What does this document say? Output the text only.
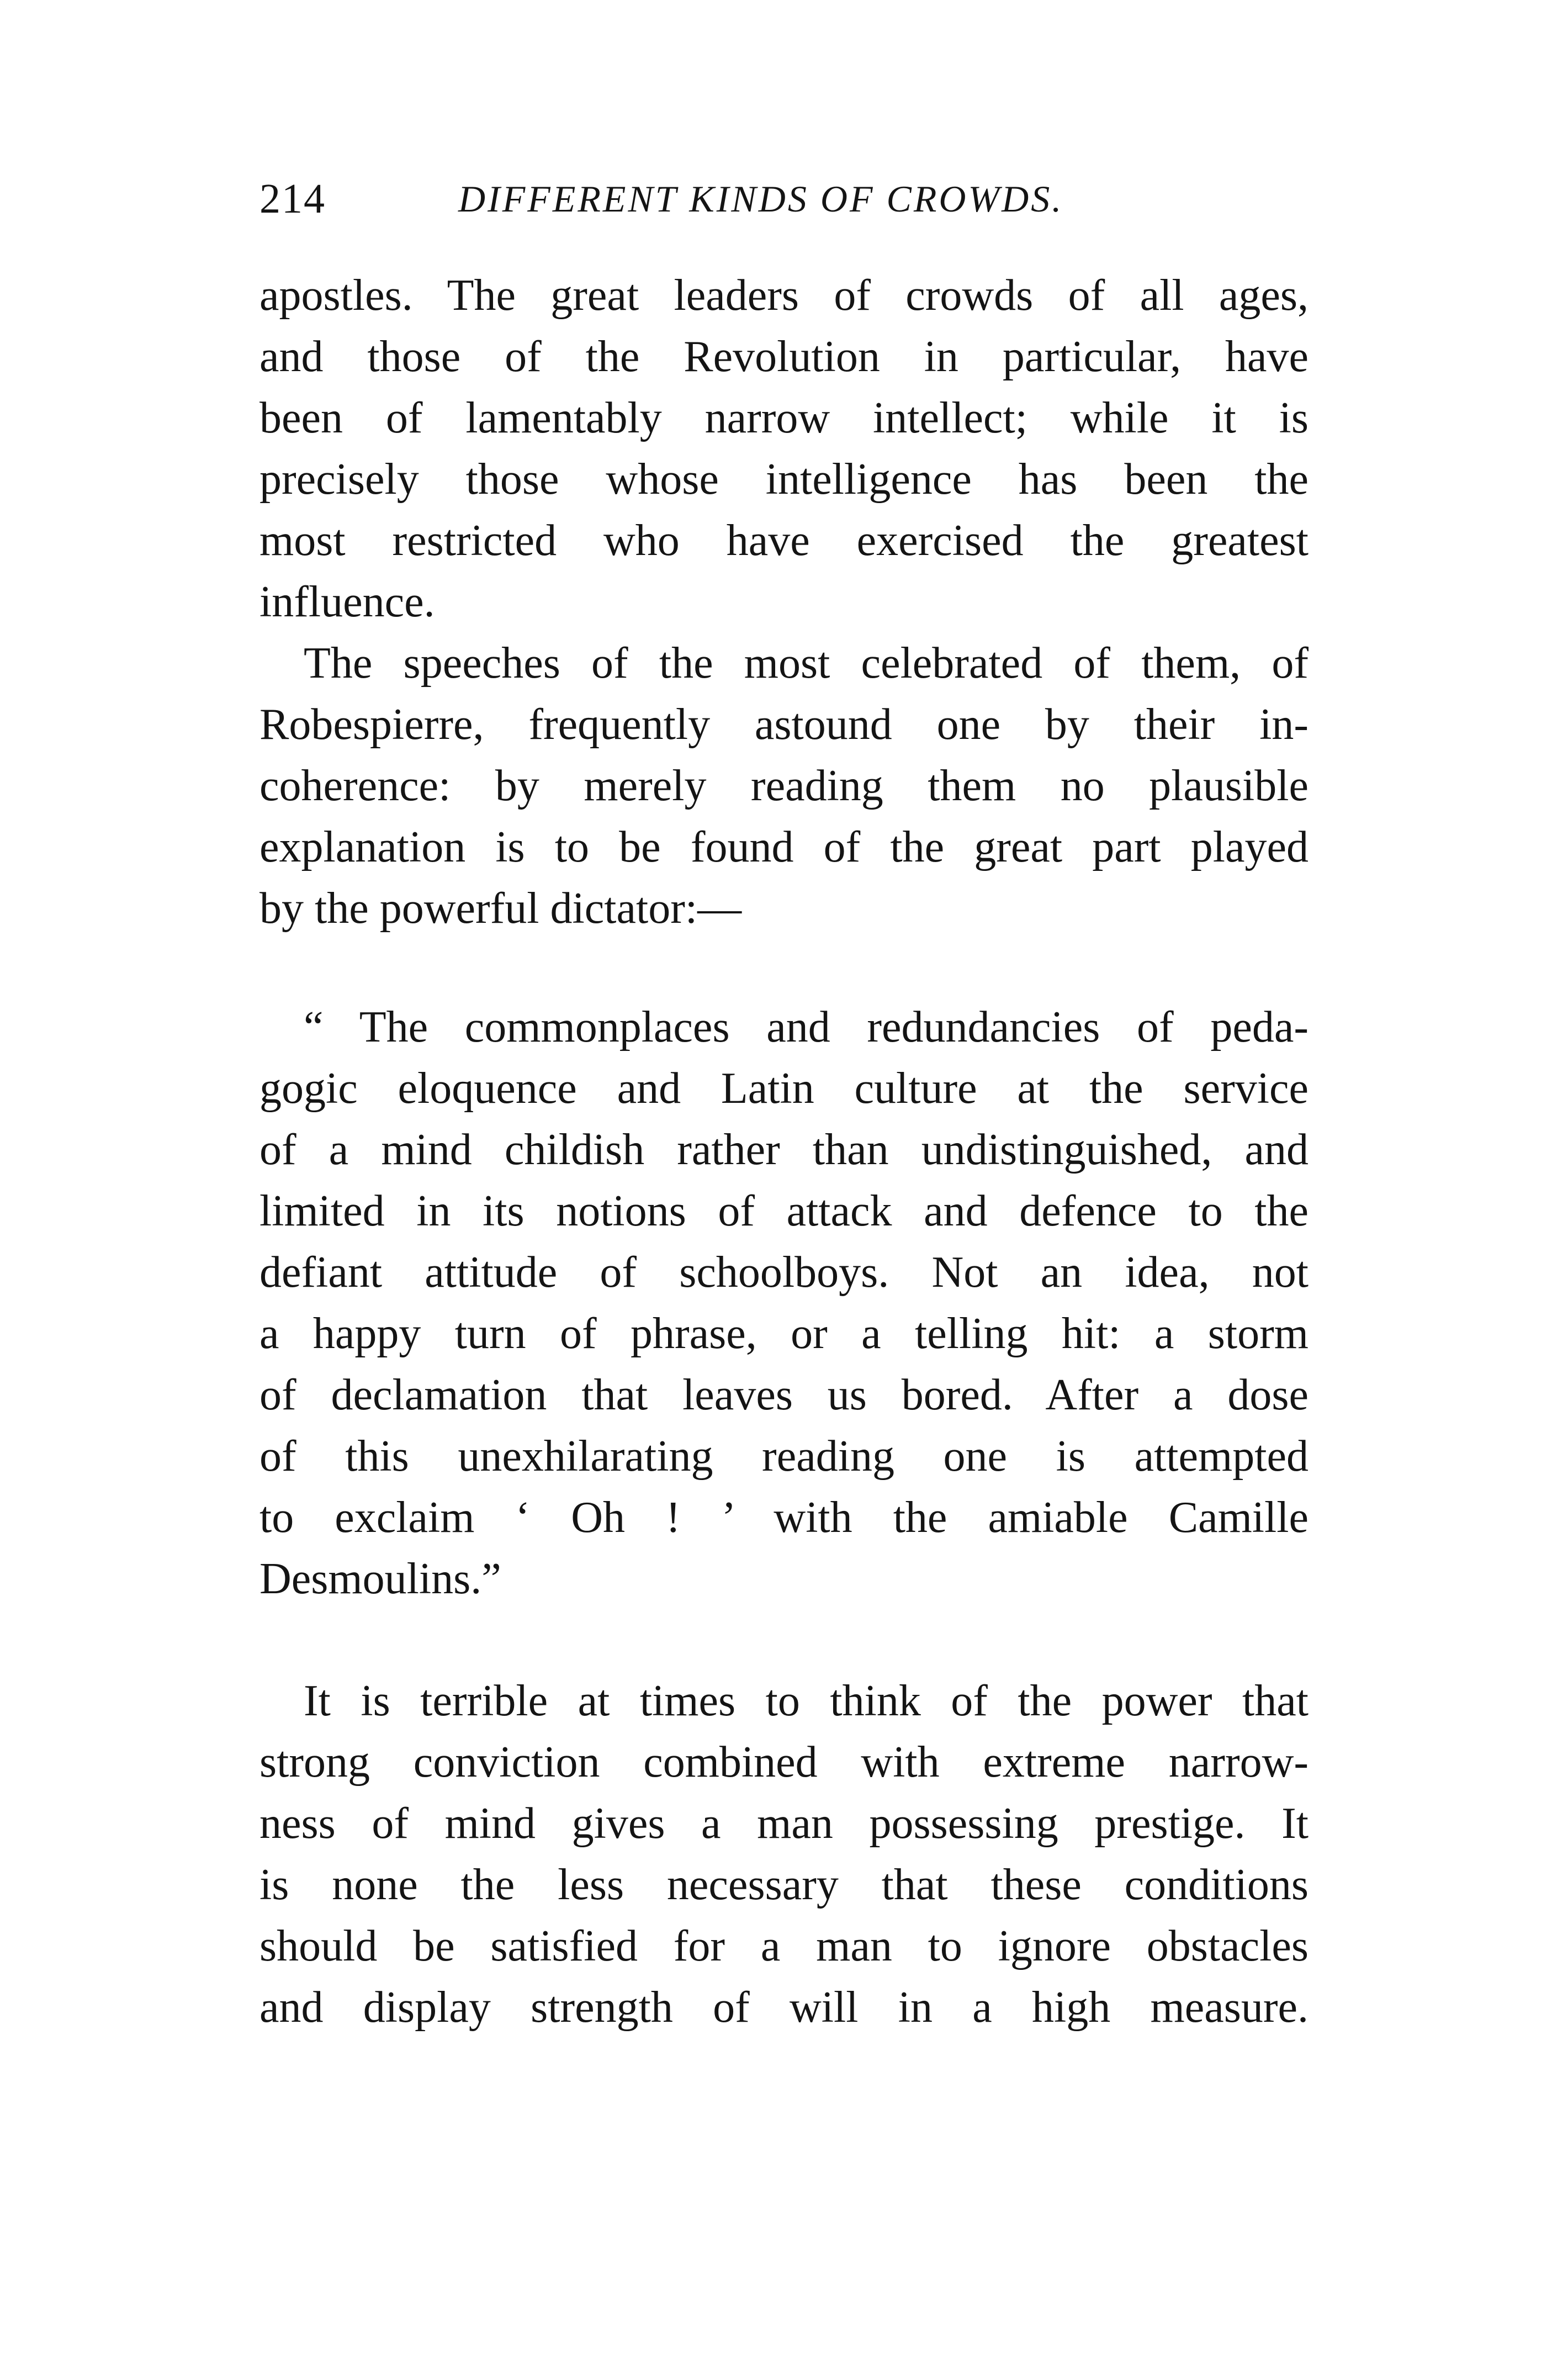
214	DIFFERENT KINDS OF CROWDS.
apostles. The great leaders of crowds of all ages,
and those of the Revolution in particular, have
been of lamentably narrow intellect; while it is
precisely those whose intelligence has been the
most restricted who have exercised the greatest
influence.
The speeches of the most celebrated of them, of
Robespierre, frequently astound one by their in-
coherence: by merely reading them no plausible
explanation is to be found of the great part played
by the powerful dictator:—
“ The commonplaces and redundancies of peda-
gogic eloquence and Latin culture at the service
of a mind childish rather than undistinguished, and
limited in its notions of attack and defence to the
defiant attitude of schoolboys. Not an idea, not
a happy turn of phrase, or a telling hit: a storm
of declamation that leaves us bored. After a dose
of this unexhilarating reading one is attempted
to exclaim ‘ Oh ! ’ with the amiable Camille
Desmoulins.”
It is terrible at times to think of the power that
strong conviction combined with extreme narrow-
ness of mind gives a man possessing prestige. It
is none the less necessary that these conditions
should be satisfied for a man to ignore obstacles
and display strength of will in a high measure.
